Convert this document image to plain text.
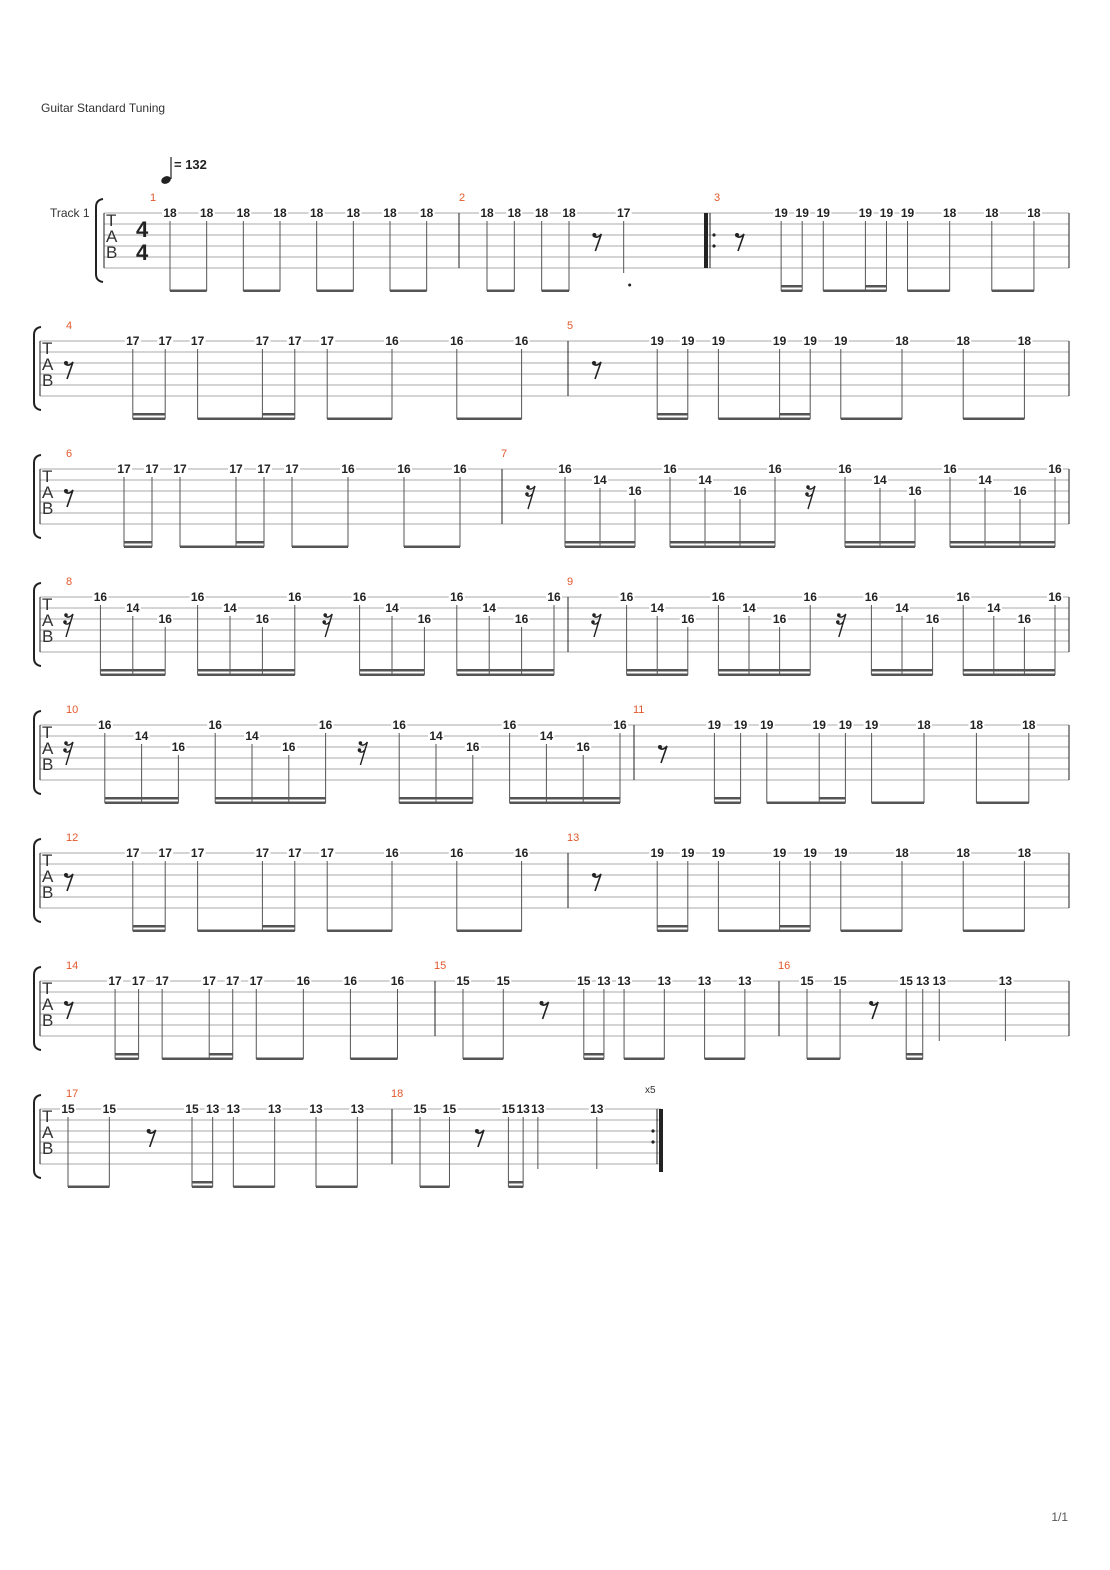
Guitar Standard Tuning
= 132
T
A
B
Track 1
4
4
1
18 18 18 18 18 18 18 18
2
18 18 18 18	17
3
19 19 19 19 19 19 18 18 18
T
A
B
4
17 17 17	17 17 17	16	16	16
5
19 19 19	19 19 19	18	18	18
T
A
B
6
17 17 17	17 17 17	16	16	16
7
16
14
16
16
14
16
16	16
14
16
16
14
16
16
T
A
B
8
16
14
16
16
14
16
16	16
14
16
16
14
16
16
9
16
14
16
16
14
16
16	16
14
16
16
14
16
16
T
A
B
10
16
14
16
16
14
16
16	16
14
16
16
14
16
16
11
19 19 19	19 19 19	18	18	18
T
A
B
12
17 17 17	17 17 17	16	16	16
13
19 19 19	19 19 19	18	18	18
T
A
B
14
17 17 17	17 17 17	16	16	16
15
15 15	15 13 13 13 13 13
16
15 15	15 13 13	13
T
A
B
17
15 15	15 13 13 13 13 13
18	x5
15 15	15 13 13	13
1/1
